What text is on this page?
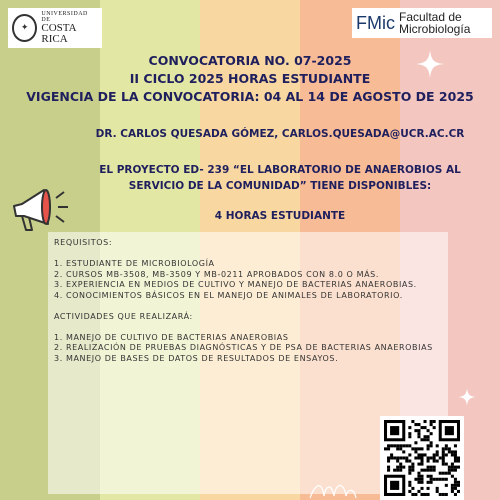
✦
UNIVERSIDAD DE
COSTA RICA
FMic Facultad de
Microbiología
CONVOCATORIA NO. 07-2025
II CICLO 2025 HORAS ESTUDIANTE
VIGENCIA DE LA CONVOCATORIA: 04 AL 14 DE AGOSTO DE 2025
DR. CARLOS QUESADA GÓMEZ, CARLOS.QUESADA@UCR.AC.CR
EL PROYECTO ED- 239 “EL LABORATORIO DE ANAEROBIOS AL
SERVICIO DE LA COMUNIDAD” TIENE DISPONIBLES:
4 HORAS ESTUDIANTE

REQUISITOS:

1. ESTUDIANTE DE MICROBIOLOGÍA

2. CURSOS MB-3508, MB-3509 Y MB-0211 APROBADOS CON 8.0 O MÁS.

3. EXPERIENCIA EN MEDIOS DE CULTIVO Y MANEJO DE BACTERIAS ANAEROBIAS.

4. CONOCIMIENTOS BÁSICOS EN EL MANEJO DE ANIMALES DE LABORATORIO.

ACTIVIDADES QUE REALIZARÁ:

1. MANEJO DE CULTIVO DE BACTERIAS ANAEROBIAS

2. REALIZACIÓN DE PRUEBAS DIAGNÓSTICAS Y DE PSA DE BACTERIAS ANAEROBIAS

3. MANEJO DE BASES DE DATOS DE RESULTADOS DE ENSAYOS.
